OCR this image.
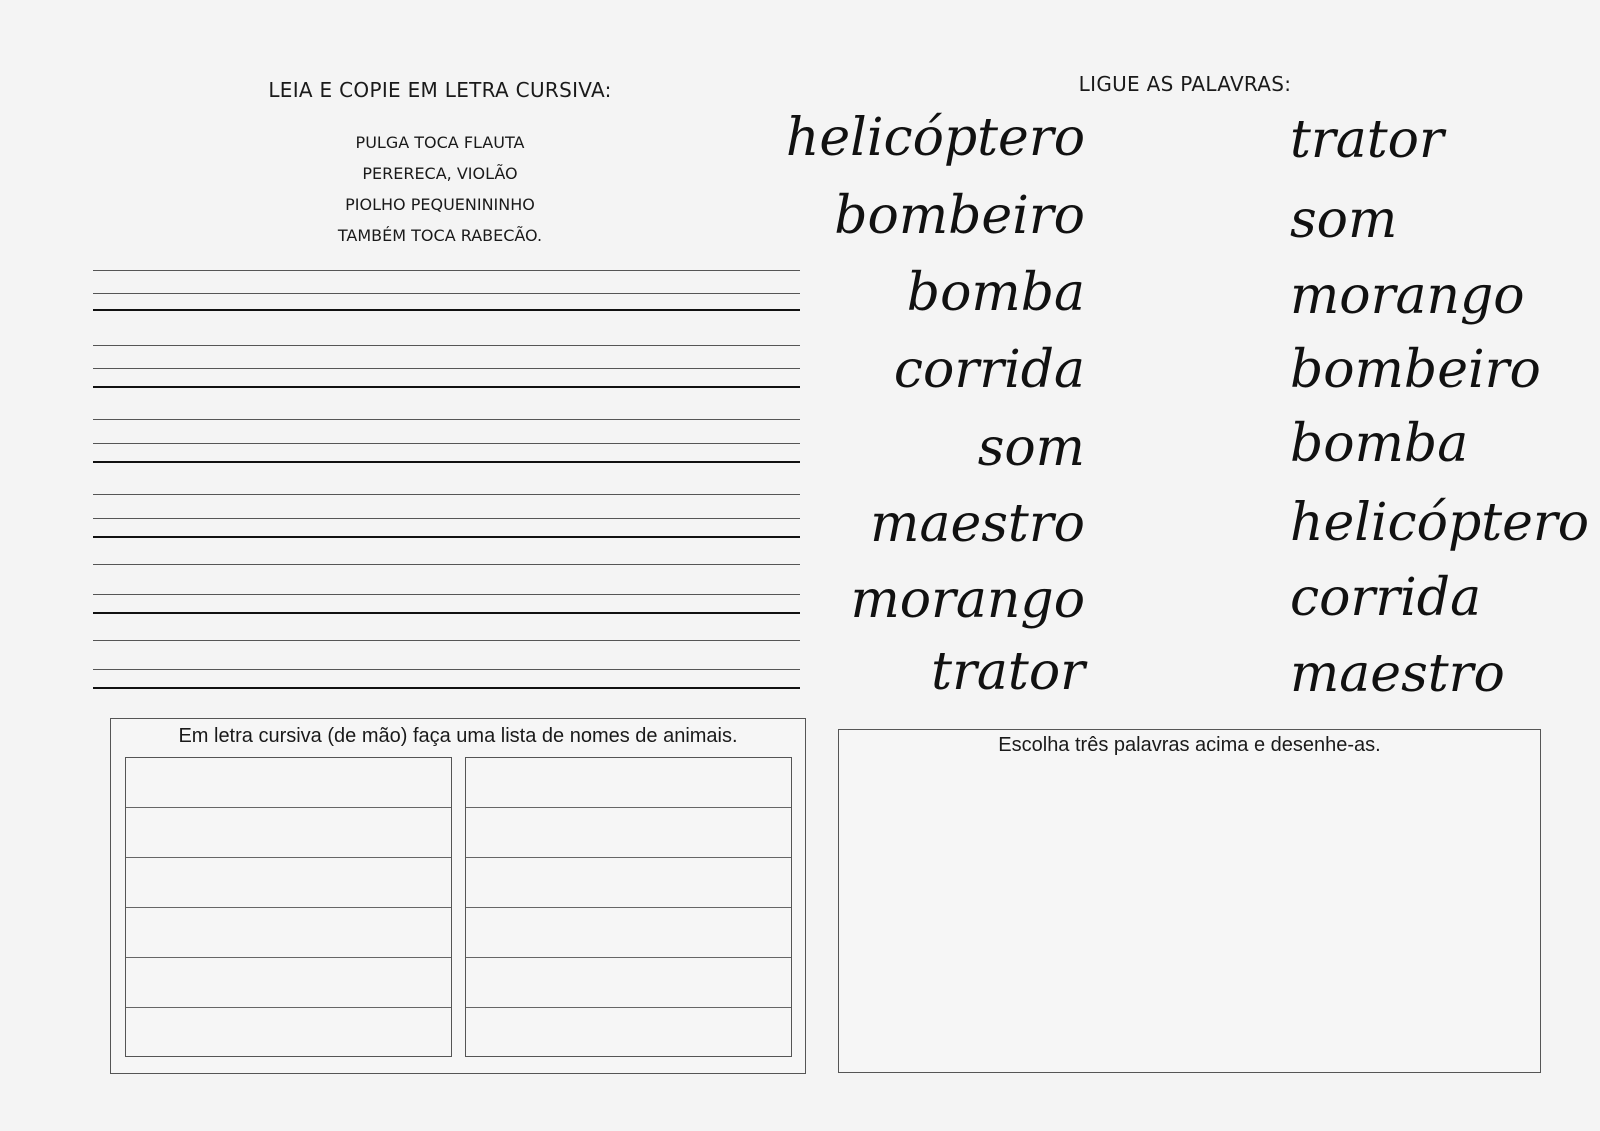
LEIA E COPIE EM LETRA CURSIVA:
PULGA TOCA FLAUTA
PERERECA, VIOLÃO
PIOLHO PEQUENININHO
TAMBÉM TOCA RABECÃO.
LIGUE AS PALAVRAS:
helicóptero
bombeiro
bomba
corrida
som
maestro
morango
trator
trator
som
morango
bombeiro
bomba
helicóptero
corrida
maestro
Em letra cursiva (de mão) faça uma lista de nomes de animais.	Escolha três palavras acima e desenhe-as.
